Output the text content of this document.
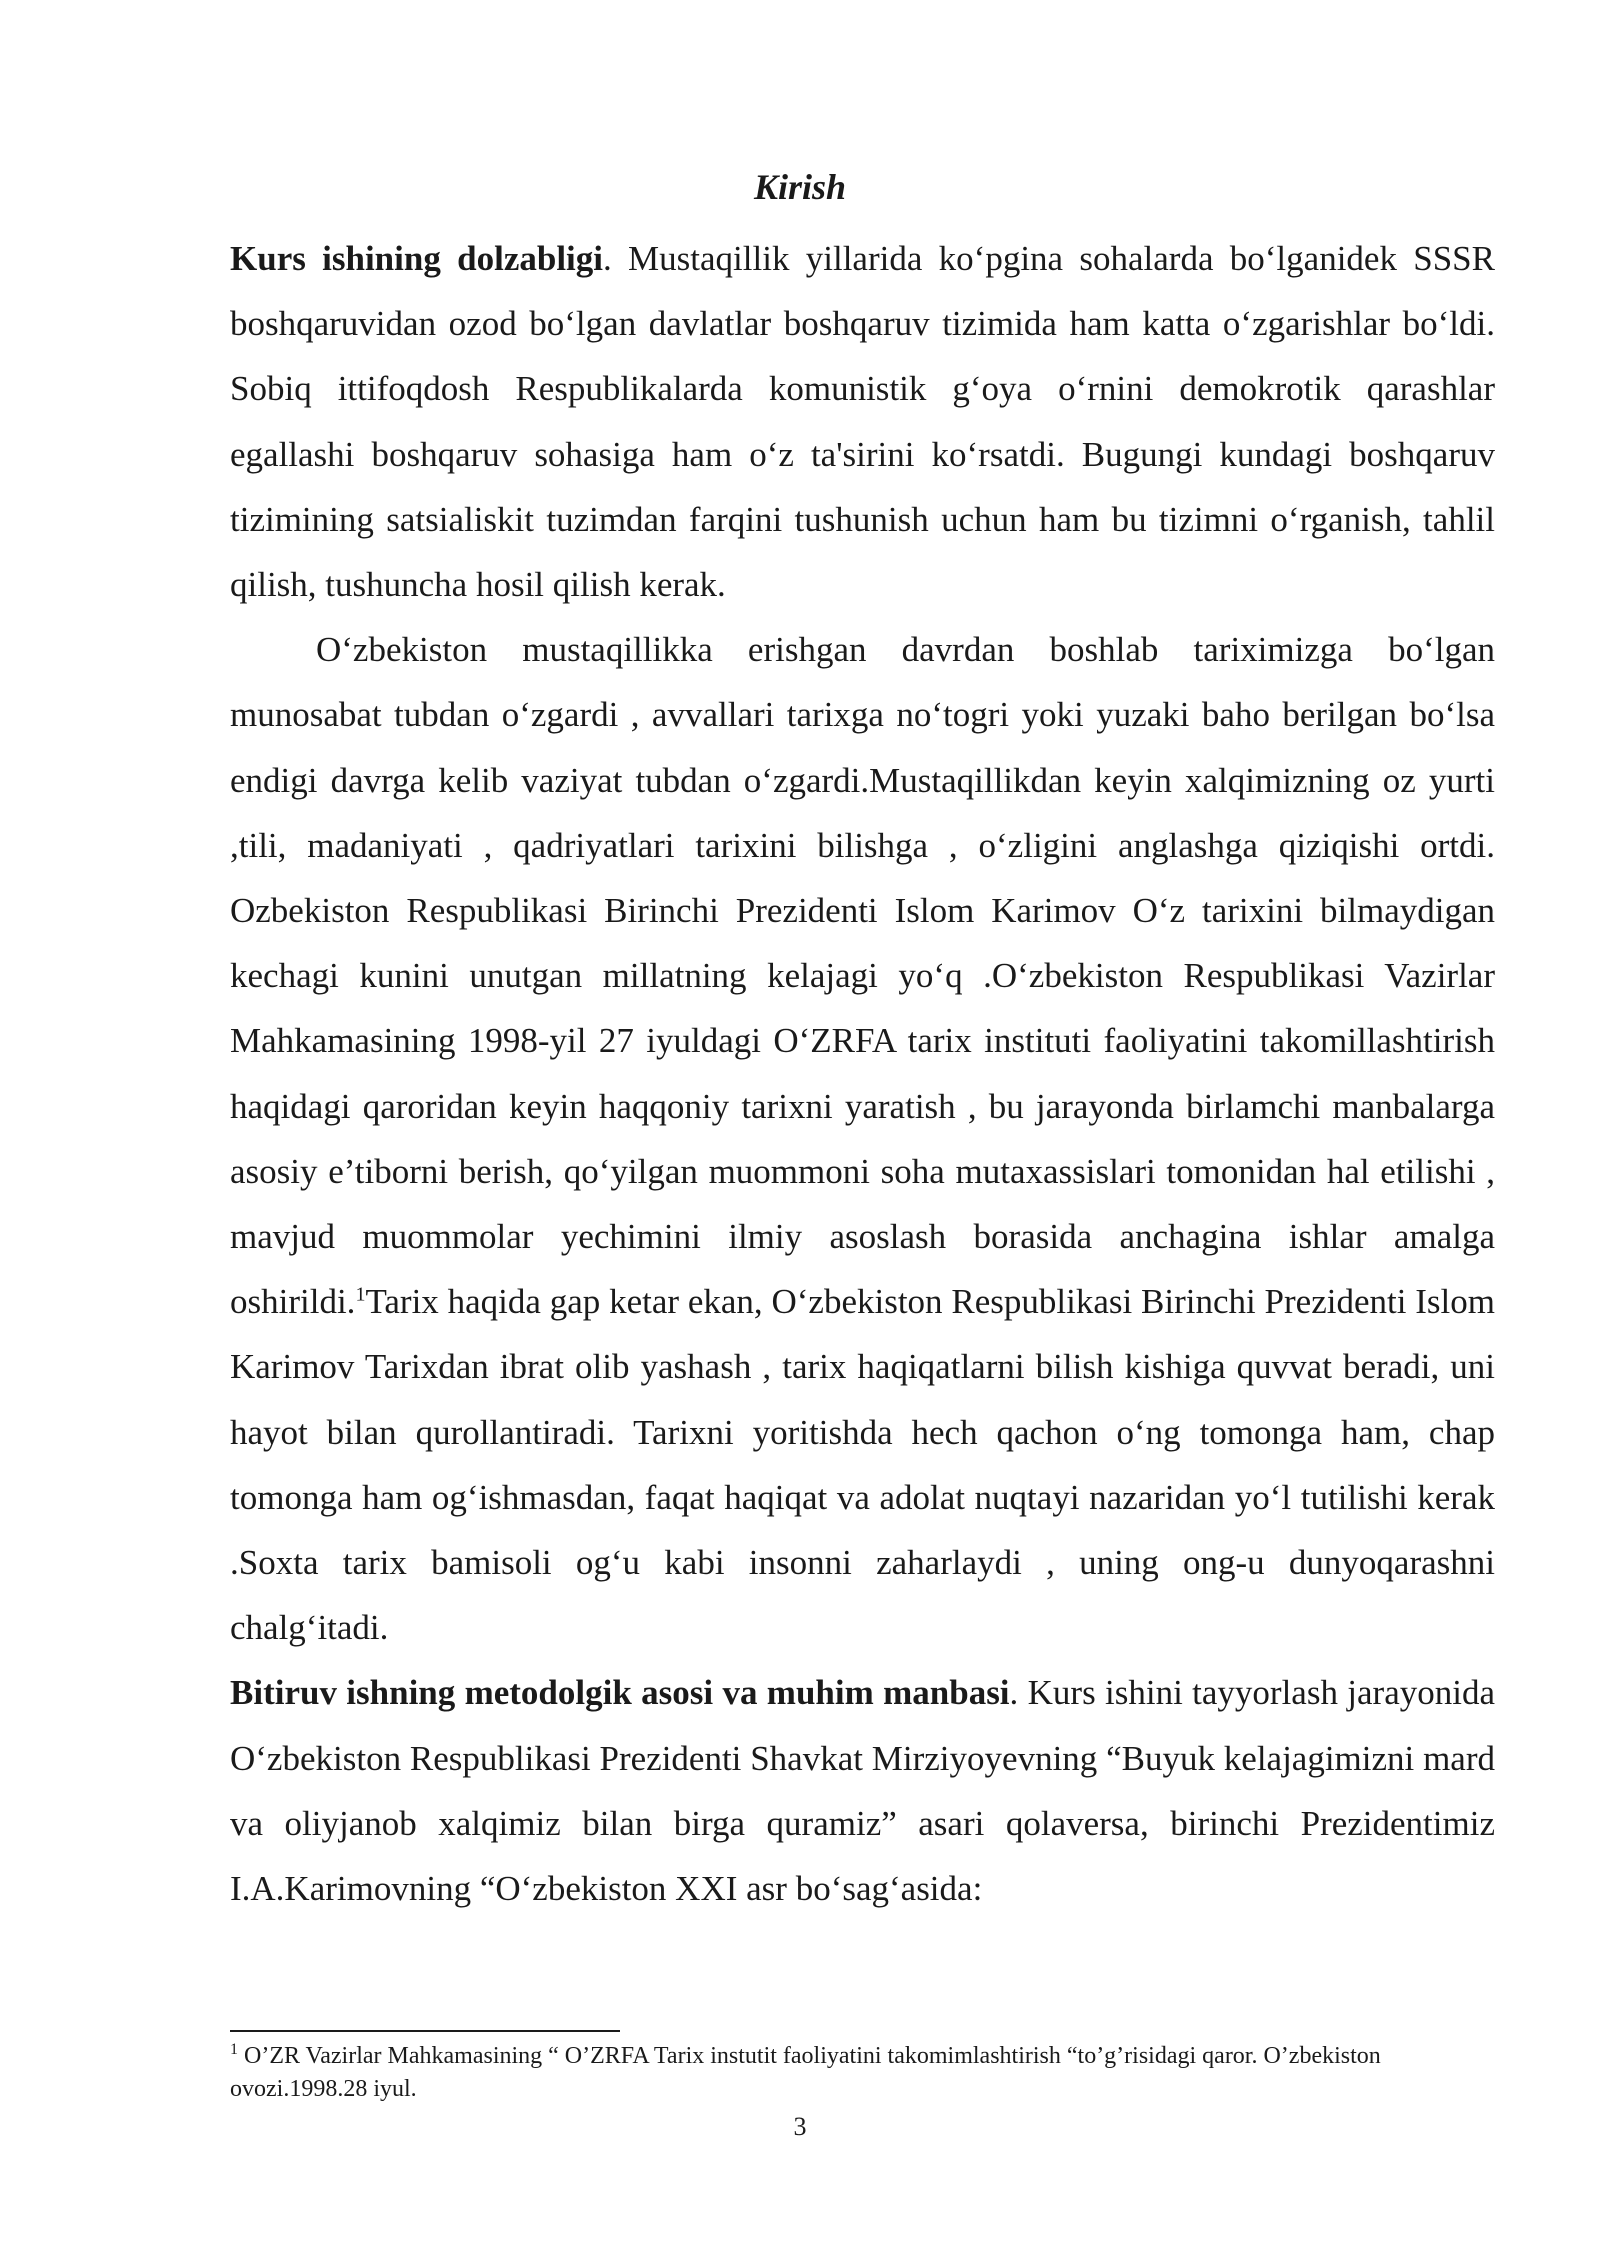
Kirish

Kurs ishining dolzabligi. Mustaqillik yillarida koʻpgina sohalarda boʻlganidek SSSR boshqaruvidan ozod boʻlgan davlatlar boshqaruv tizimida ham katta oʻzgarishlar boʻldi. Sobiq ittifoqdosh Respublikalarda komunistik gʻoya oʻrnini demokrotik qarashlar egallashi boshqaruv sohasiga ham oʻz ta'sirini koʻrsatdi. Bugungi kundagi boshqaruv tizimining satsialiskit tuzimdan farqini tushunish uchun ham bu tizimni oʻrganish, tahlil qilish, tushuncha hosil qilish kerak.

Oʻzbekiston mustaqillikka erishgan davrdan boshlab tariximizga boʻlgan munosabat tubdan oʻzgardi , avvallari tarixga noʻtogri yoki yuzaki baho berilgan boʻlsa endigi davrga kelib vaziyat tubdan oʻzgardi.Mustaqillikdan keyin xalqimizning oz yurti ,tili, madaniyati , qadriyatlari tarixini bilishga , oʻzligini anglashga qiziqishi ortdi. Ozbekiston Respublikasi Birinchi Prezidenti Islom Karimov Oʻz tarixini bilmaydigan kechagi kunini unutgan millatning kelajagi yoʻq .Oʻzbekiston Respublikasi Vazirlar Mahkamasining 1998-yil 27 iyuldagi OʻZRFA tarix instituti faoliyatini takomillashtirish haqidagi qaroridan keyin haqqoniy tarixni yaratish , bu jarayonda birlamchi manbalarga asosiy e’tiborni berish, qoʻyilgan muommoni soha mutaxassislari tomonidan hal etilishi , mavjud muommolar yechimini ilmiy asoslash borasida anchagina ishlar amalga oshirildi.$^1$Tarix haqida gap ketar ekan, Oʻzbekiston Respublikasi Birinchi Prezidenti Islom Karimov Tarixdan ibrat olib yashash , tarix haqiqatlarni bilish kishiga quvvat beradi, uni hayot bilan qurollantiradi. Tarixni yoritishda hech qachon oʻng tomonga ham, chap tomonga ham ogʻishmasdan, faqat haqiqat va adolat nuqtayi nazaridan yoʻl tutilishi kerak .Soxta tarix bamisoli ogʻu kabi insonni zaharlaydi , uning ong-u dunyoqarashni chalgʻitadi.

Bitiruv ishning metodolgik asosi va muhim manbasi. Kurs ishini tayyorlash jarayonida Oʻzbekiston Respublikasi Prezidenti Shavkat Mirziyoyevning “Buyuk kelajagimizni mard va oliyjanob xalqimiz bilan birga quramiz” asari qolaversa, birinchi Prezidentimiz I.A.Karimovning “Oʻzbekiston XXI asr boʻsagʻasida:

$^1$ O’ZR Vazirlar Mahkamasining “ O’ZRFA Tarix instutit faoliyatini takomimlashtirish “to’g’risidagi qaror. O’zbekiston ovozi.1998.28 iyul.

3
